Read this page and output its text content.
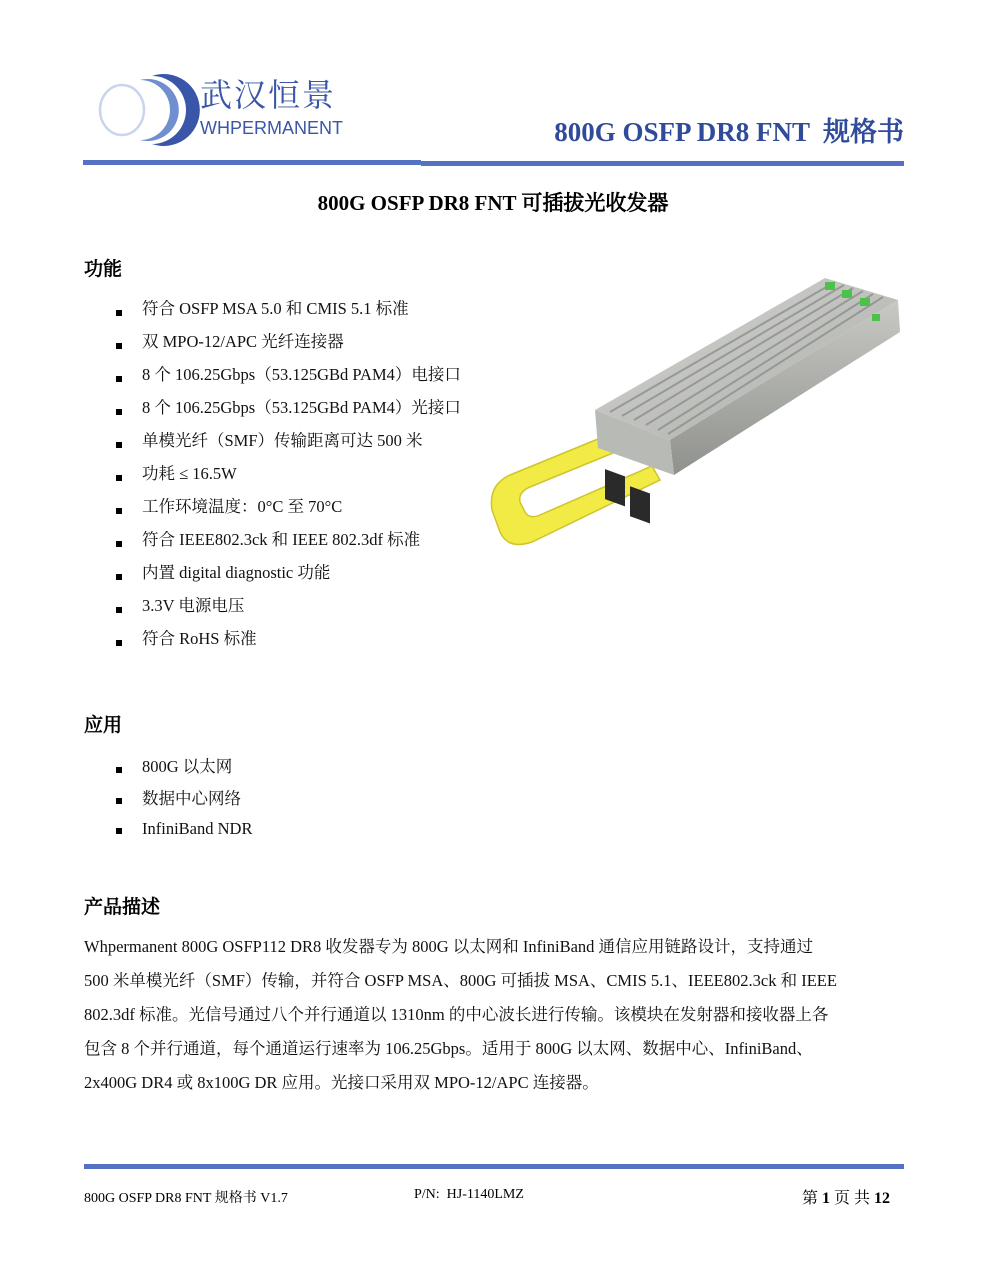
武汉恒景
WHPERMANENT	800G OSFP DR8 FNT  规格书
800G OSFP DR8 FNT 可插拔光收发器
功能
符合 OSFP MSA 5.0 和 CMIS 5.1 标准
双 MPO-12/APC 光纤连接器
8 个 106.25Gbps（53.125GBd PAM4）电接口
8 个 106.25Gbps（53.125GBd PAM4）光接口
单模光纤（SMF）传输距离可达 500 米
功耗 ≤ 16.5W
工作环境温度：0°C 至 70°C
符合 IEEE802.3ck 和 IEEE 802.3df 标准
内置 digital diagnostic 功能
3.3V 电源电压
符合 RoHS 标准
应用
800G 以太网
数据中心网络
InfiniBand NDR
产品描述

Whpermanent 800G OSFP112 DR8 收发器专为 800G 以太网和 InfiniBand 通信应用链路设计，支持通过

500 米单模光纤（SMF）传输，并符合 OSFP MSA、800G 可插拔 MSA、CMIS 5.1、IEEE802.3ck 和 IEEE

802.3df 标准。光信号通过八个并行通道以 1310nm 的中心波长进行传输。该模块在发射器和接收器上各

包含 8 个并行通道，每个通道运行速率为 106.25Gbps。适用于 800G 以太网、数据中心、InfiniBand、

2x400G DR4 或 8x100G DR 应用。光接口采用双 MPO-12/APC 连接器。

800G OSFP DR8 FNT 规格书 V1.7	P/N:  HJ-1140LMZ	第 1 页 共 12
